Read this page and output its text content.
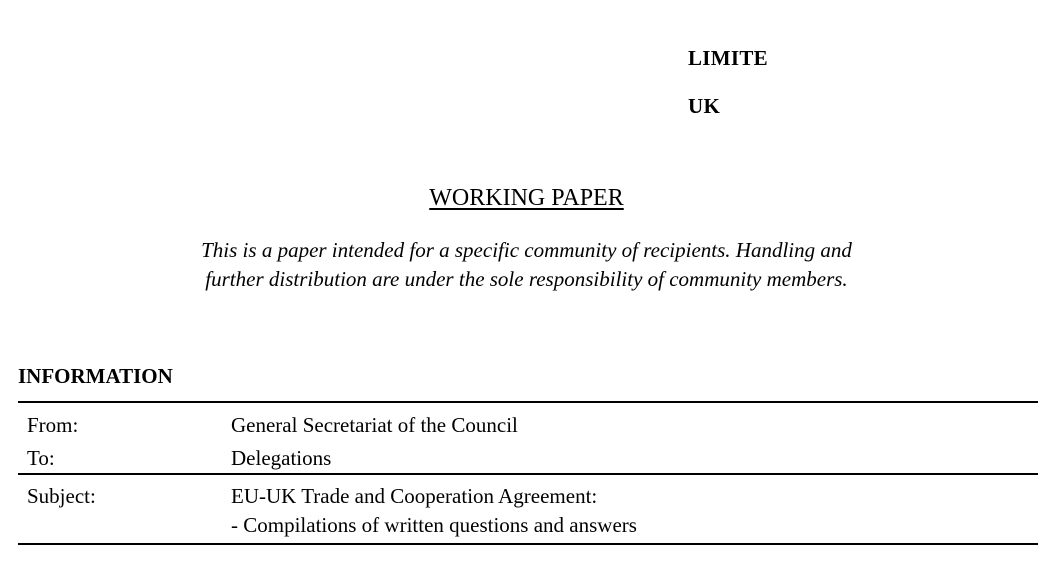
LIMITE
UK
WORKING PAPER
This is a paper intended for a specific community of recipients. Handling and
further distribution are under the sole responsibility of community members.
INFORMATION
From:	General Secretariat of the Council
To:	Delegations
Subject:	EU-UK Trade and Cooperation Agreement:
- Compilations of written questions and answers
